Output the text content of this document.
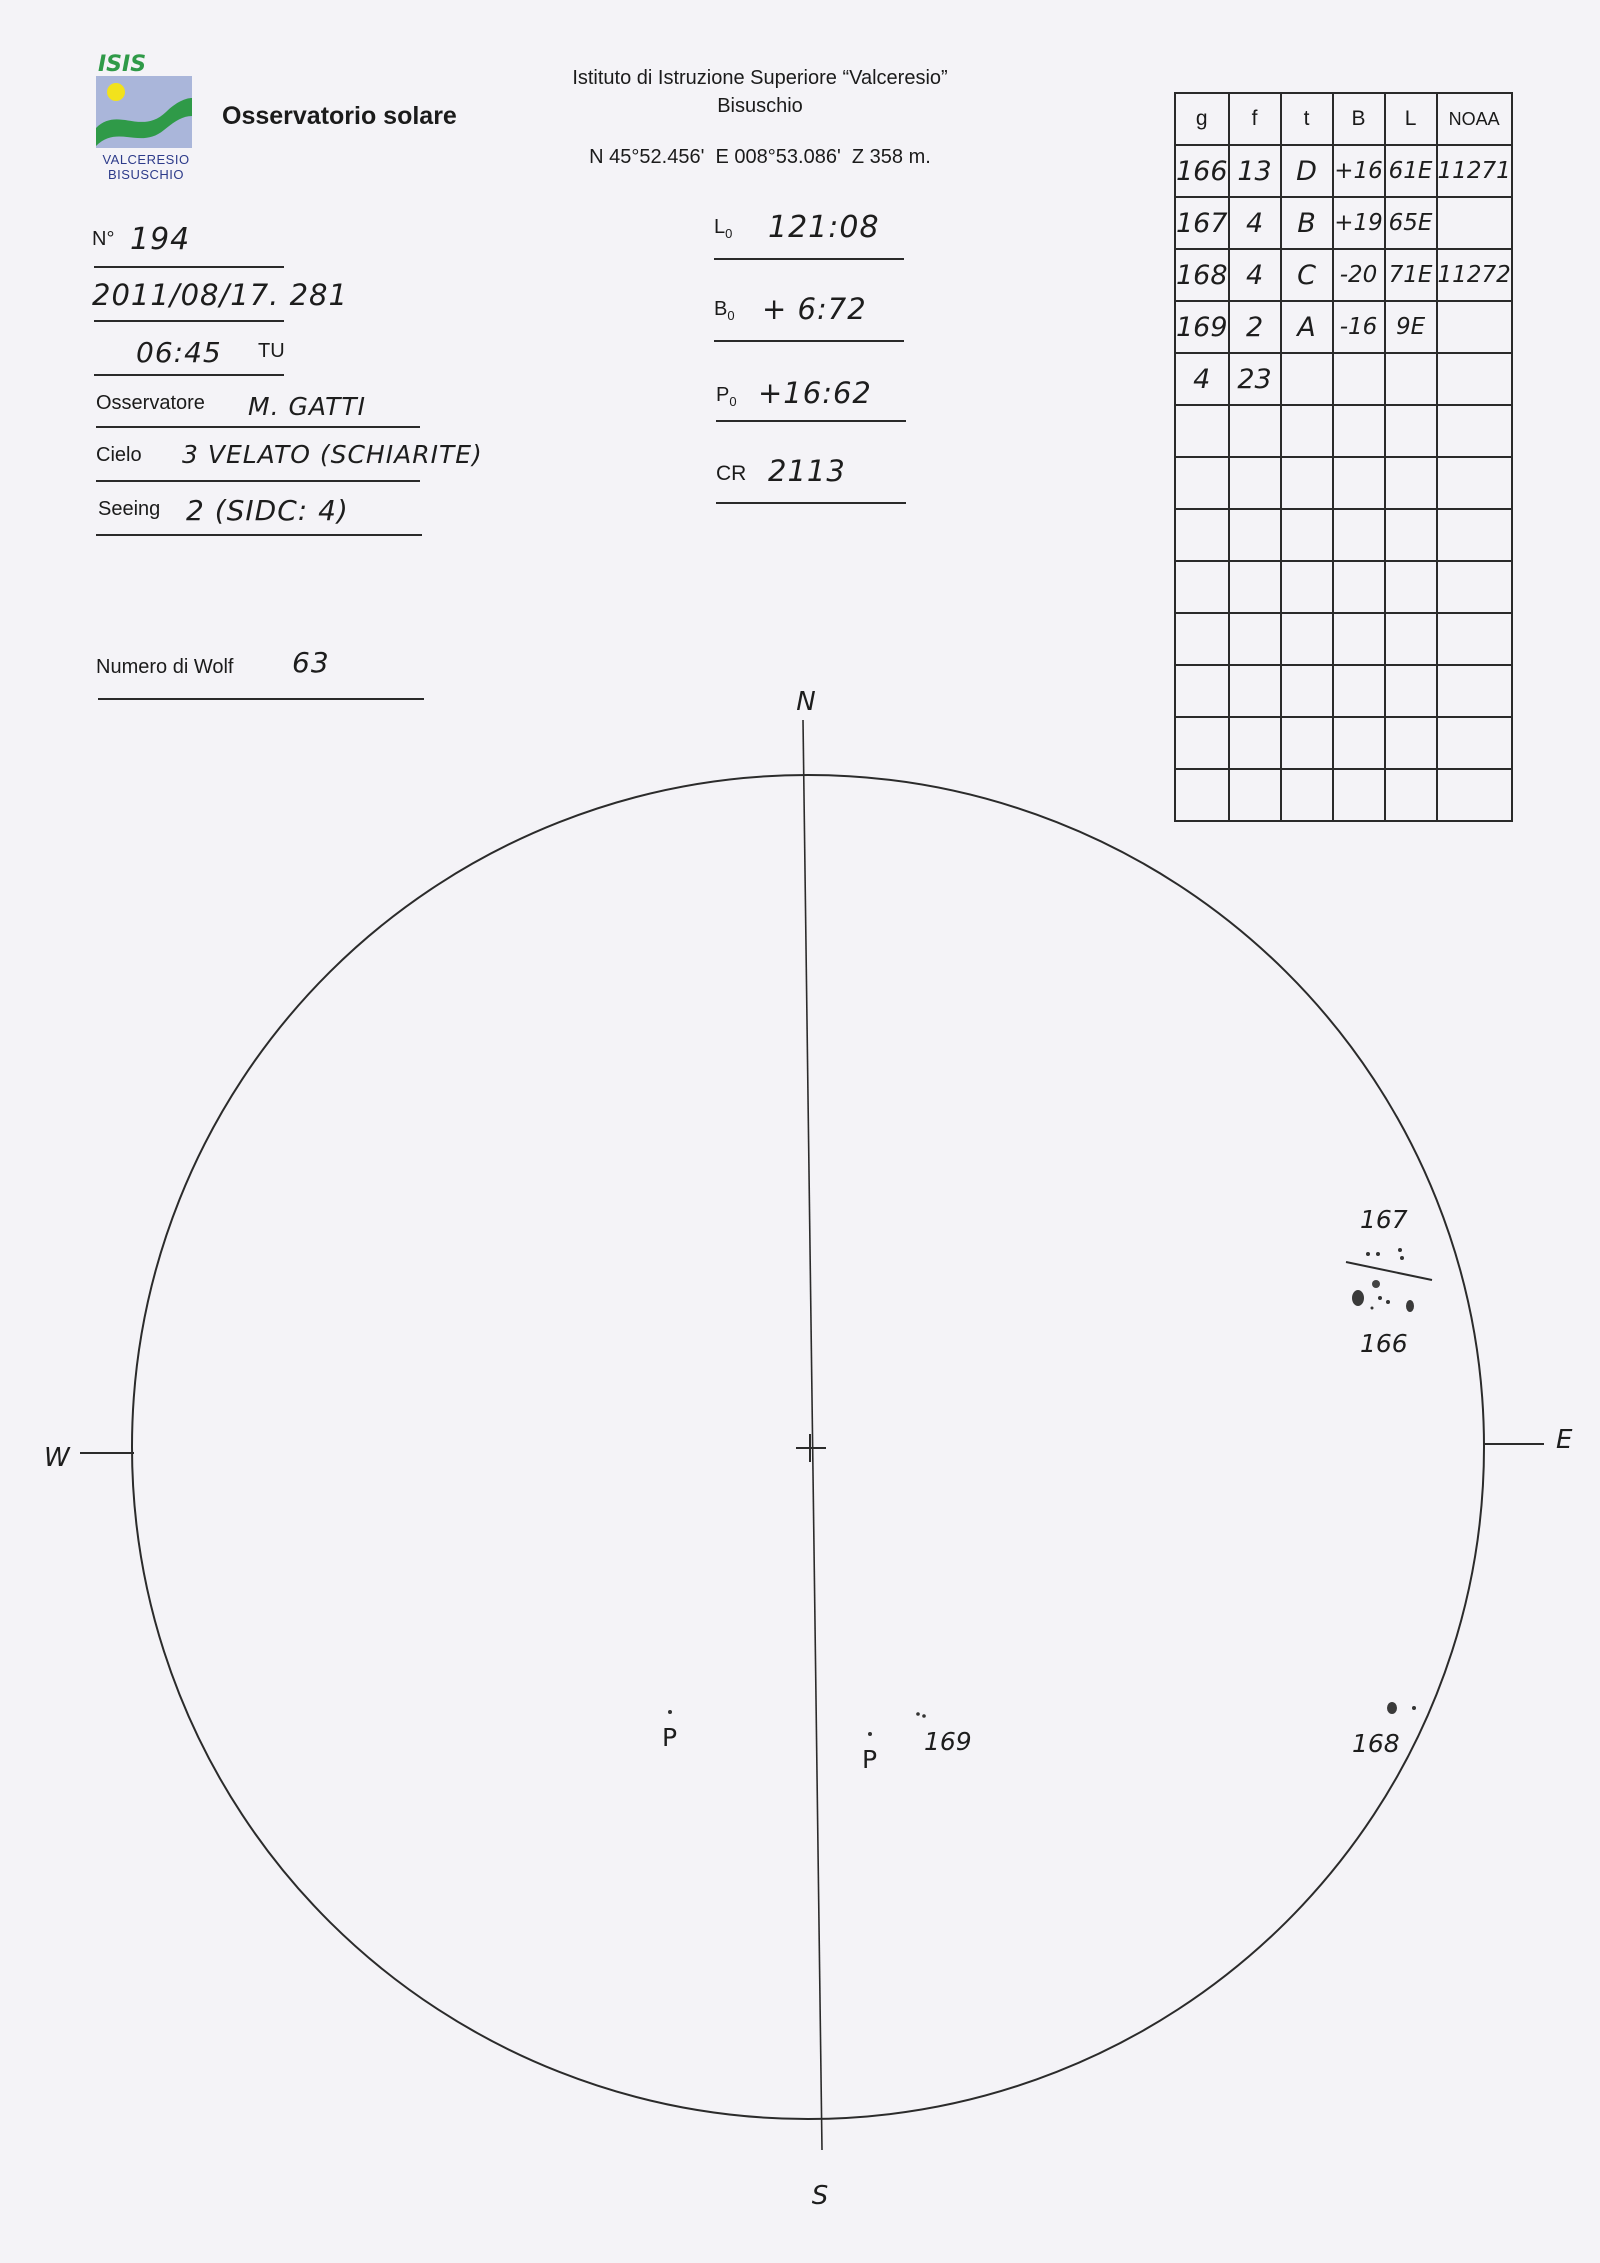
ISIS
VALCERESIO
BISUSCHIO
Osservatorio solare
Istituto di Istruzione Superiore “Valceresio”
Bisuschio
N 45°52.456'  E 008°53.086'  Z 358 m.
N° 194
2011/08/17. 281
06:45 TU
Osservatore M. GATTI
Cielo 3 VELATO (SCHIARITE)
Seeing 2 (SIDC: 4)
Numero di Wolf 63
$L_0$ 121:08
$B_0$ + 6:72
$P_0$ +16:62
CR 2113
g	f	t	B	L	NOAA
166	13	D	+16	61E	11271
167	4	B	+19	65E	
168	4	C	-20	71E	11272
169	2	A	-16	9E	
4	23				

N
S
E
W
167
166
168
169
P
P
